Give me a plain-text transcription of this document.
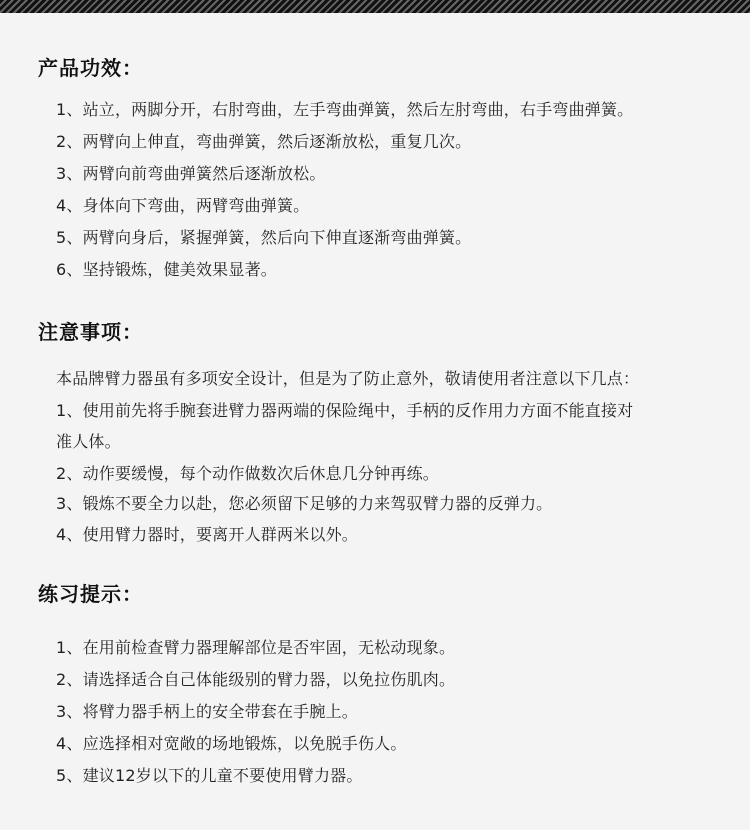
产品功效：
1、站立，两脚分开，右肘弯曲，左手弯曲弹簧，然后左肘弯曲，右手弯曲弹簧。
2、两臂向上伸直，弯曲弹簧，然后逐渐放松，重复几次。
3、两臂向前弯曲弹簧然后逐渐放松。
4、身体向下弯曲，两臂弯曲弹簧。
5、两臂向身后，紧握弹簧，然后向下伸直逐渐弯曲弹簧。
6、坚持锻炼，健美效果显著。
注意事项：
本品牌臂力器虽有多项安全设计，但是为了防止意外，敬请使用者注意以下几点：
1、使用前先将手腕套进臂力器两端的保险绳中，手柄的反作用力方面不能直接对
准人体。
2、动作要缓慢，每个动作做数次后休息几分钟再练。
3、锻炼不要全力以赴，您必须留下足够的力来驾驭臂力器的反弹力。
4、使用臂力器时，要离开人群两米以外。
练习提示：
1、在用前检查臂力器理解部位是否牢固，无松动现象。
2、请选择适合自己体能级别的臂力器，以免拉伤肌肉。
3、将臂力器手柄上的安全带套在手腕上。
4、应选择相对宽敞的场地锻炼，以免脱手伤人。
5、建议12岁以下的儿童不要使用臂力器。
